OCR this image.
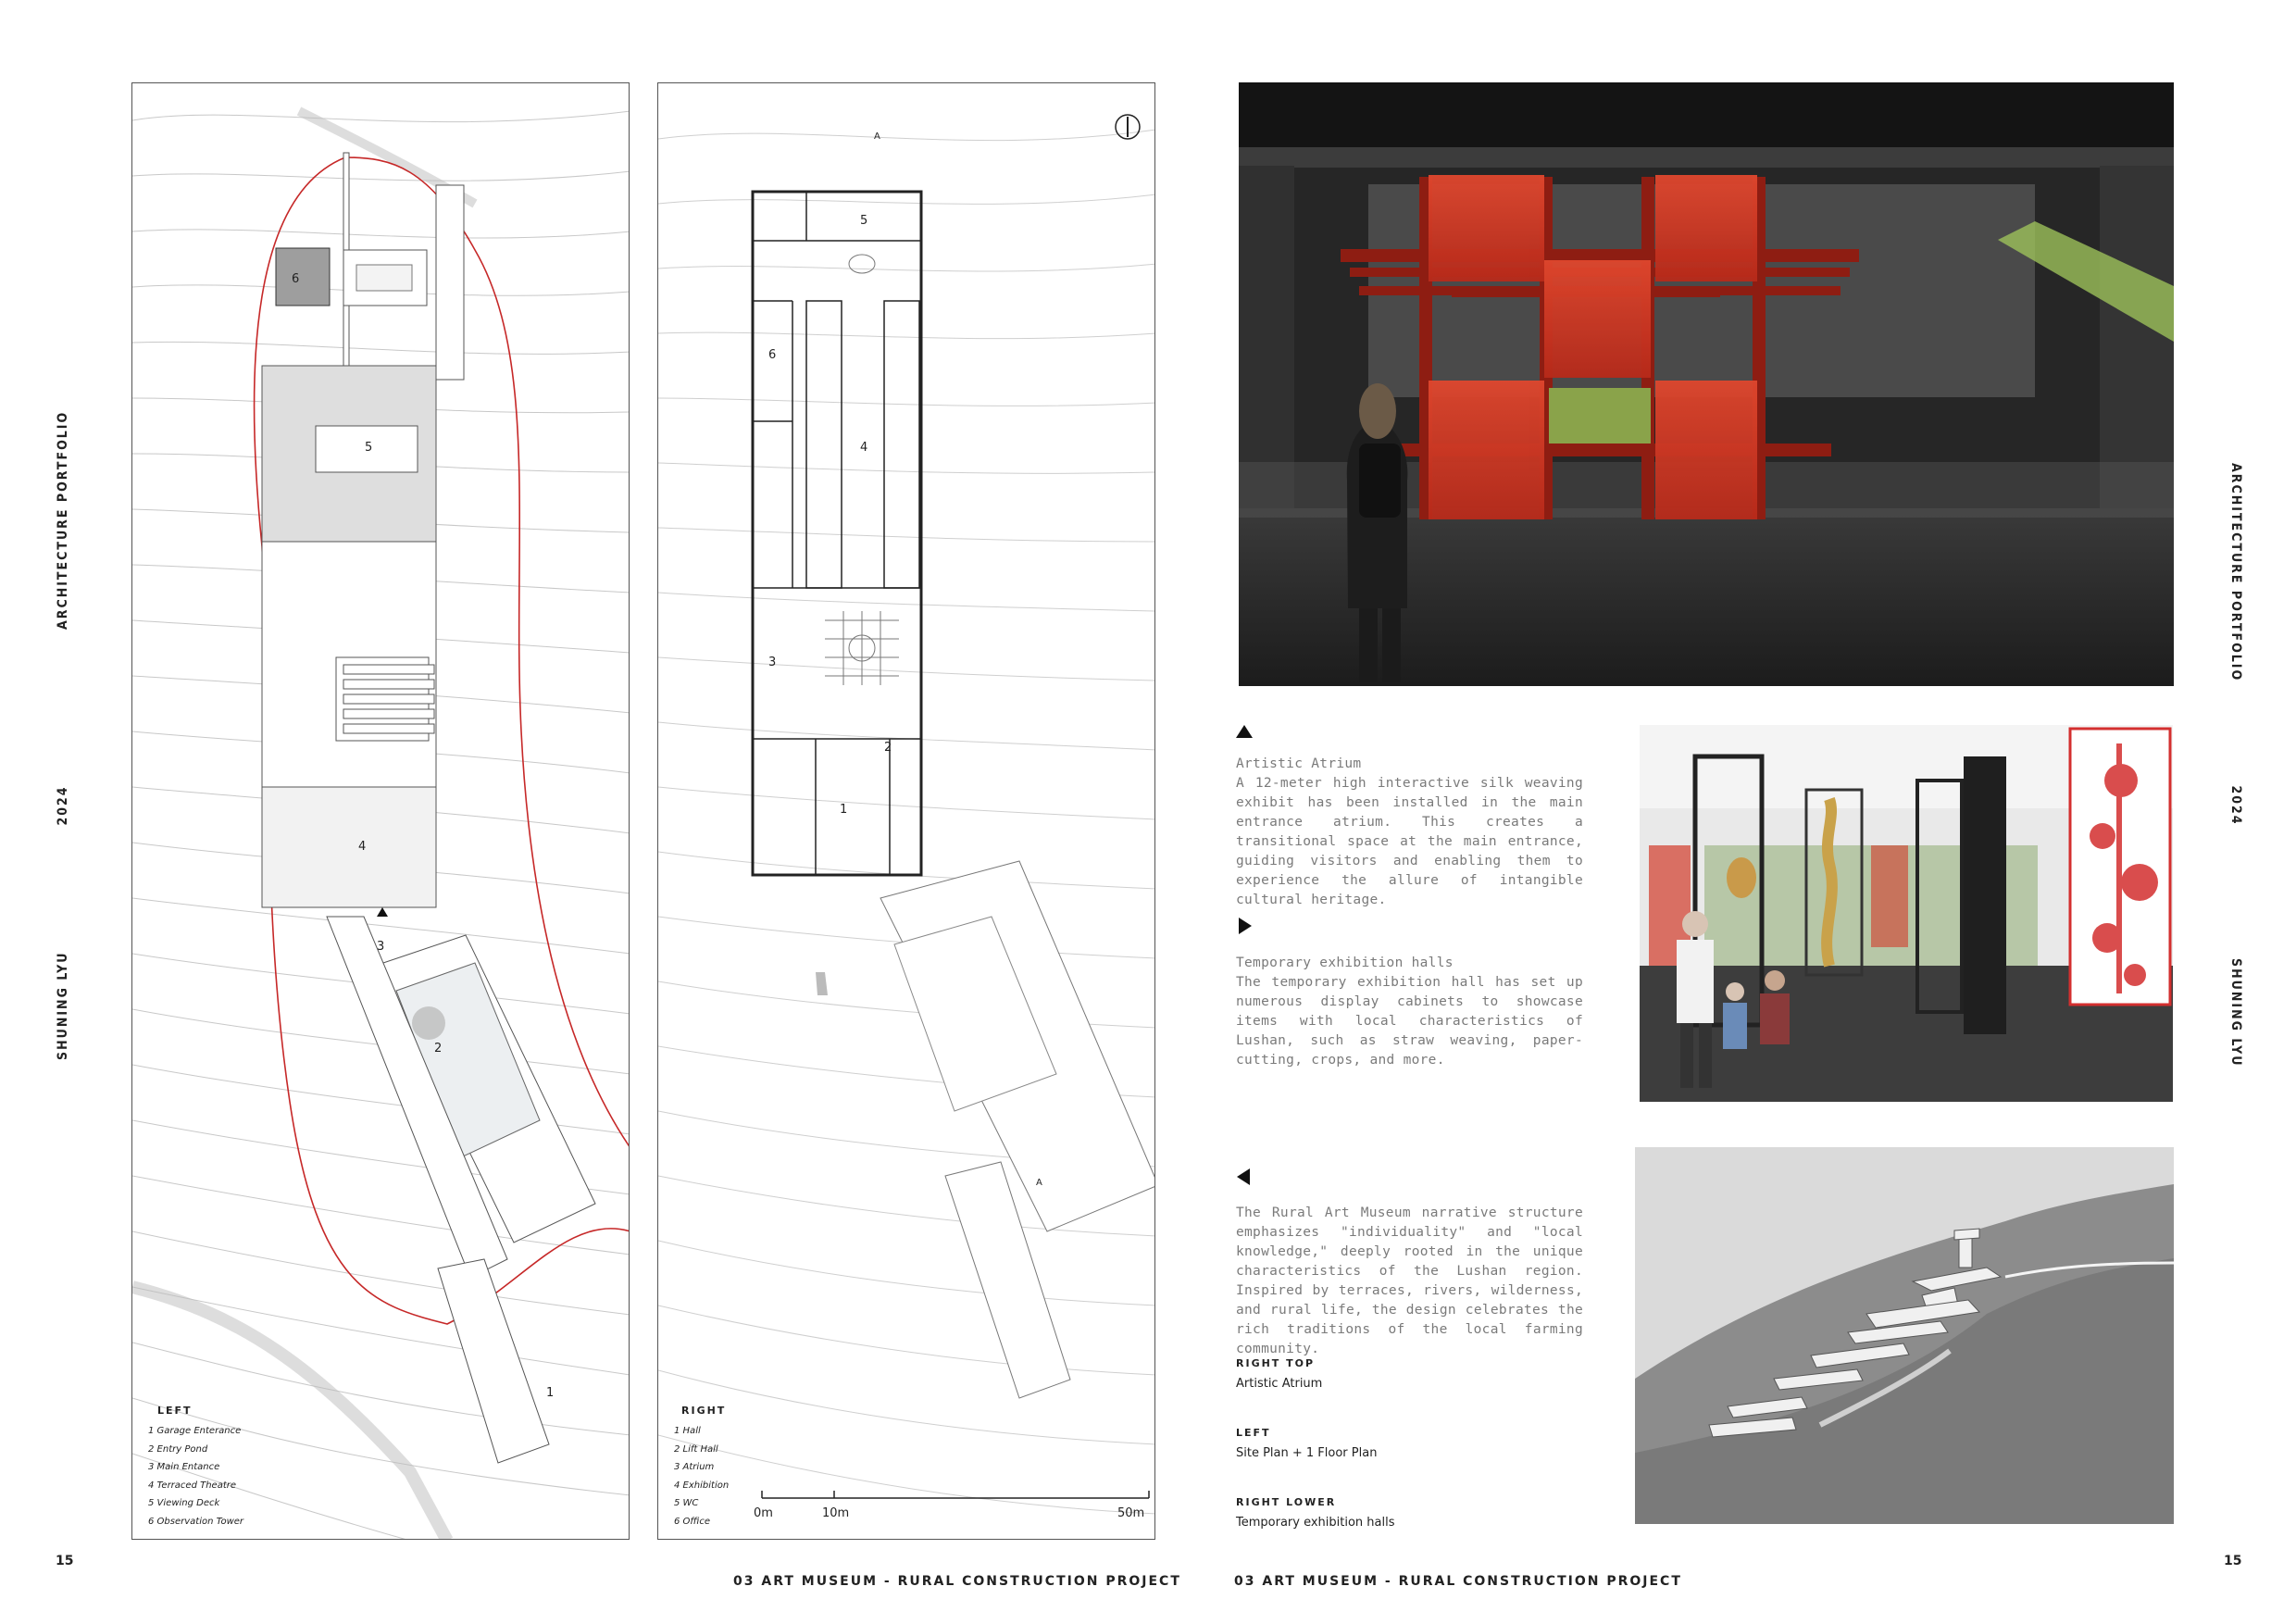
ARCHITECTURE PORTFOLIO
2024
SHUNING LYU
ARCHITECTURE PORTFOLIO
2024
SHUNING LYU
15	15
6
5
4
3
2
1
LEFT
1 Garage Enterance
2 Entry Pond
3 Main Entance
4 Terraced Theatre
5 Viewing Deck
6 Observation Tower
5
6
4
3
2
1
A
A
RIGHT
1 Hall
2 Lift Hall
3 Atrium
4 Exhibition
5 WC
6 Office
0m	10m	50m
03 ART MUSEUM - RURAL CONSTRUCTION PROJECT	03 ART MUSEUM - RURAL CONSTRUCTION PROJECT
Artistic Atrium
A 12-meter high interactive silk weaving exhibit has been installed in the main entrance atrium. This creates a transitional space at the main entrance, guiding visitors and enabling them to experience the allure of intangible cultural heritage.
Temporary exhibition halls
The temporary exhibition hall has set up numerous display cabinets to showcase items with local characteristics of Lushan, such as straw weaving, paper-cutting, crops, and more.
The Rural Art Museum narrative structure emphasizes "individuality" and "local knowledge," deeply rooted in the unique characteristics of the Lushan region. Inspired by terraces, rivers, wilderness, and rural life, the design celebrates the rich traditions of the local farming community.
RIGHT TOP
Artistic Atrium
LEFT
Site Plan + 1 Floor Plan
RIGHT LOWER
Temporary exhibition halls
